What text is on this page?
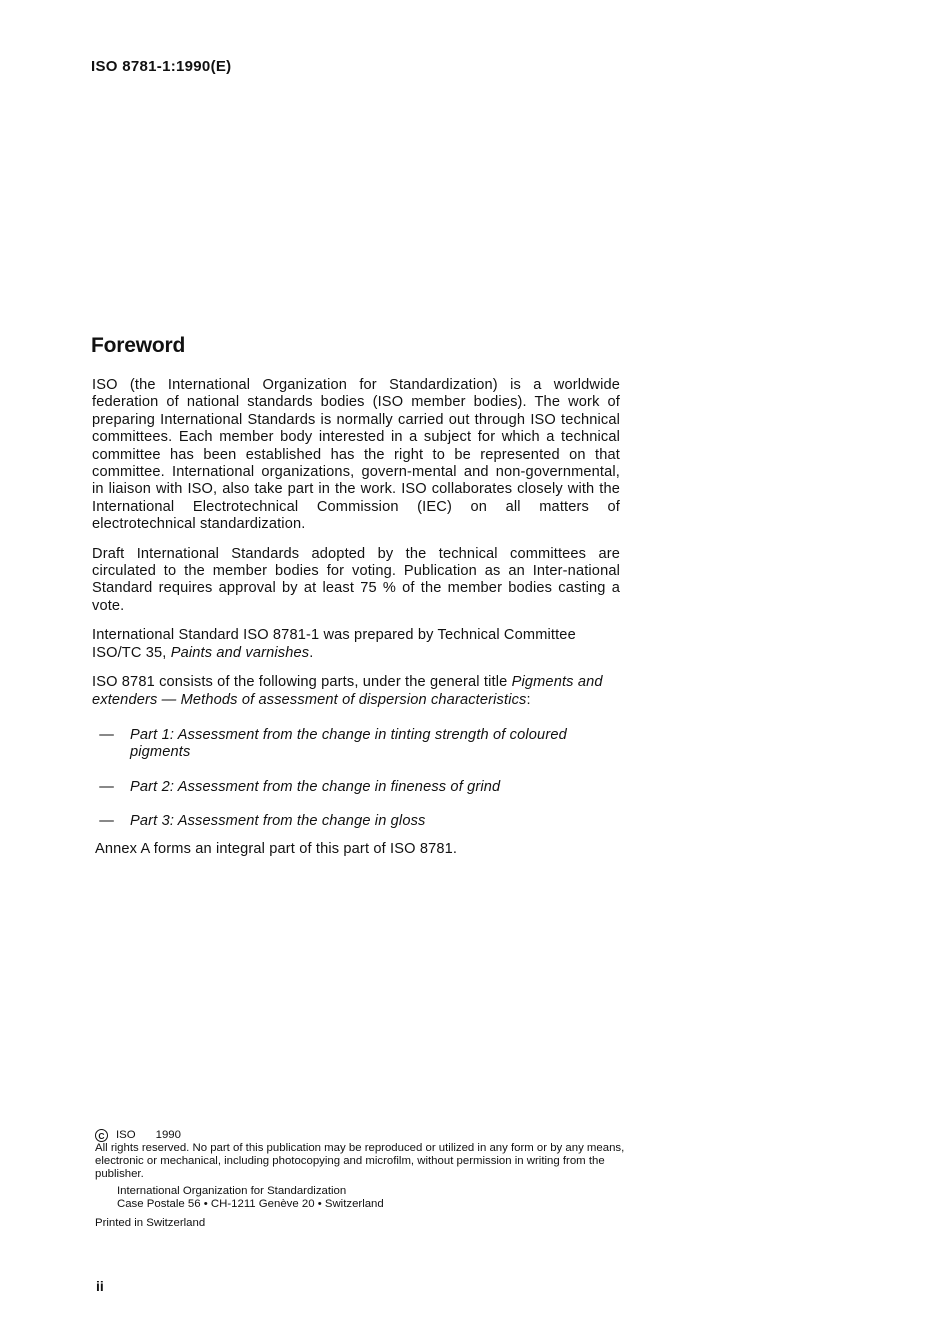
ISO 8781-1:1990(E)
Foreword

ISO (the International Organization for Standardization) is a worldwide federation of national standards bodies (ISO member bodies). The work of preparing International Standards is normally carried out through ISO technical committees. Each member body interested in a subject for which a technical committee has been established has the right to be represented on that committee. International organizations, govern-mental and non-governmental, in liaison with ISO, also take part in the work. ISO collaborates closely with the International Electrotechnical Commission (IEC) on all matters of electrotechnical standardization.

Draft International Standards adopted by the technical committees are circulated to the member bodies for voting. Publication as an Inter-national Standard requires approval by at least 75 % of the member bodies casting a vote.

International Standard ISO 8781-1 was prepared by Technical Committee ISO/TC 35, Paints and varnishes.

ISO 8781 consists of the following parts, under the general title Pigments and extenders — Methods of assessment of dispersion characteristics:

—	Part 1: Assessment from the change in tinting strength of coloured pigments
—	Part 2: Assessment from the change in fineness of grind
—	Part 3: Assessment from the change in gloss

Annex A forms an integral part of this part of ISO 8781.

C	ISO 1990
All rights reserved. No part of this publication may be reproduced or utilized in any form or by any means, electronic or mechanical, including photocopying and microfilm, without permission in writing from the publisher.
International Organization for Standardization
Case Postale 56 • CH-1211 Genève 20 • Switzerland
Printed in Switzerland
ii
